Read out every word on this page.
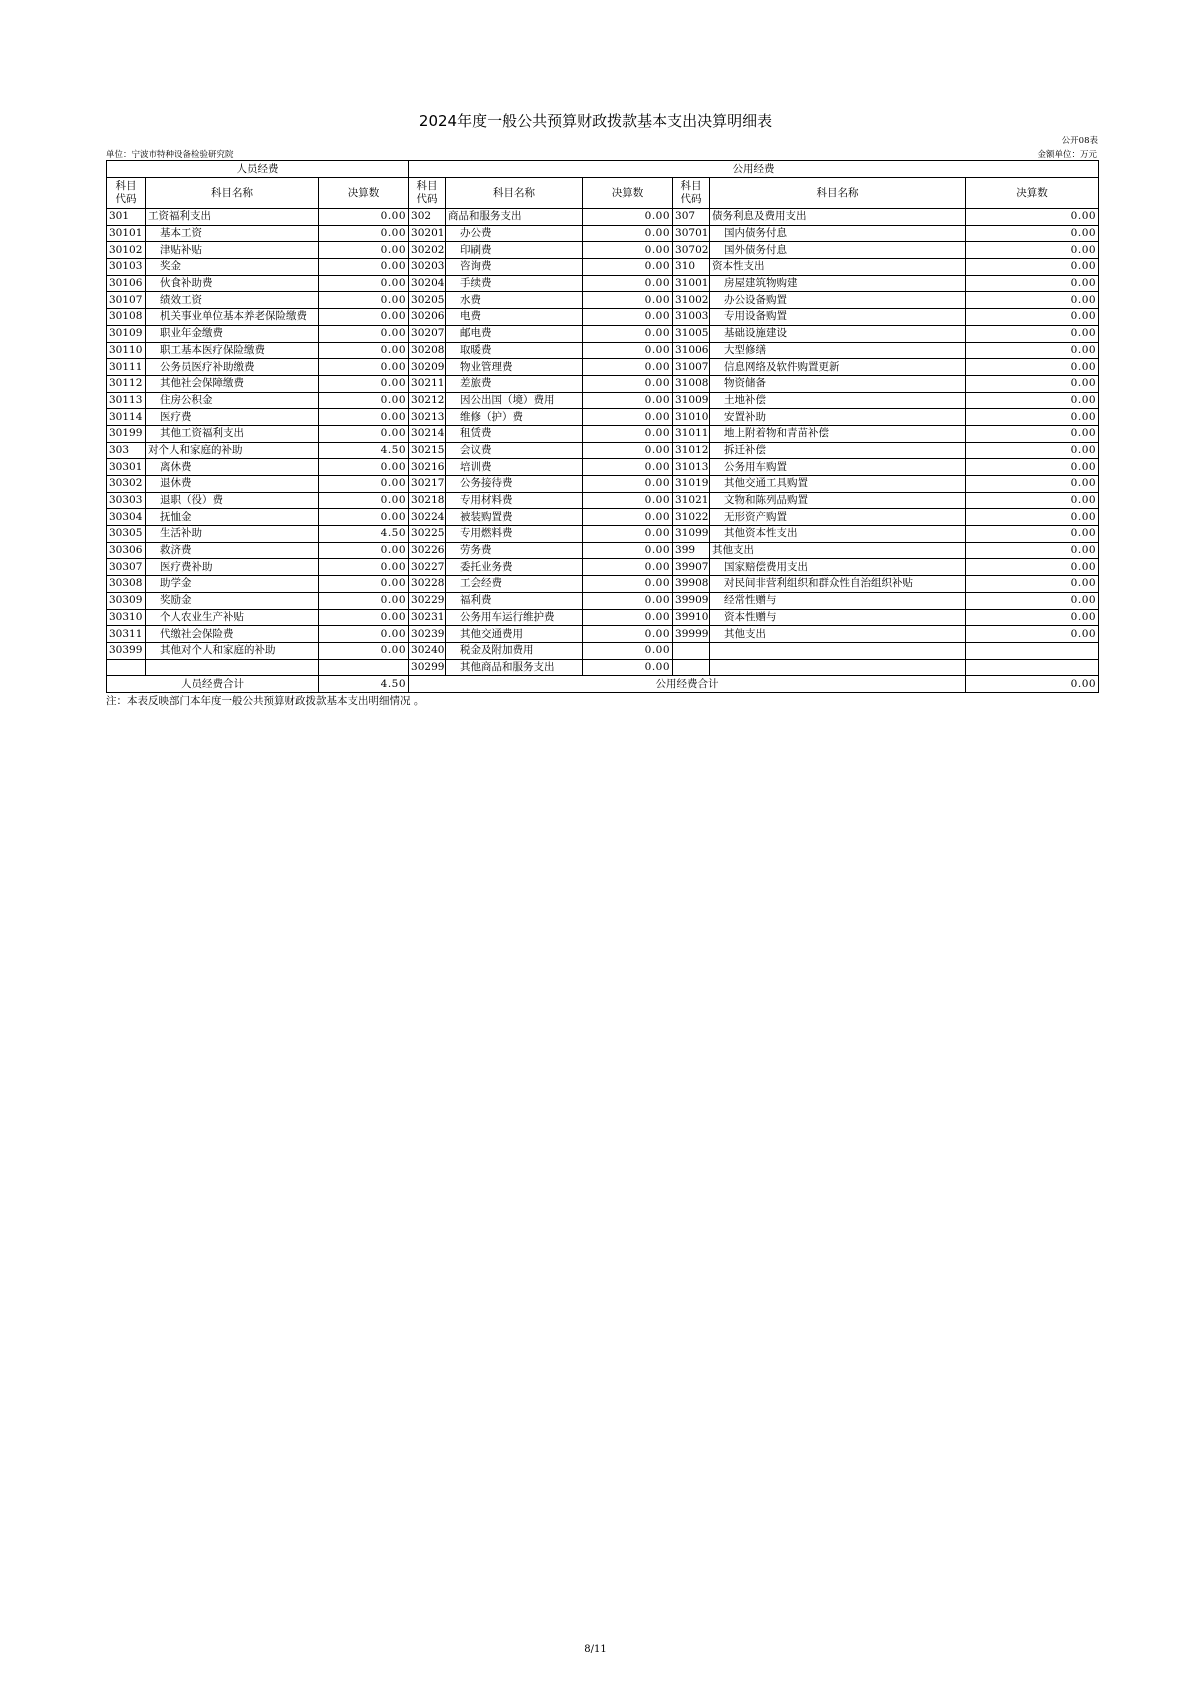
2024年度一般公共预算财政拨款基本支出决算明细表
公开08表
单位：宁波市特种设备检验研究院	金额单位：万元
人员经费			公用经费					
科目代码	科目名称	决算数	科目代码	科目名称	决算数	科目代码	科目名称	决算数
301	工资福利支出	0.00	302	商品和服务支出	0.00	307	债务利息及费用支出	0.00
30101	基本工资	0.00	30201	办公费	0.00	30701	国内债务付息	0.00
30102	津贴补贴	0.00	30202	印刷费	0.00	30702	国外债务付息	0.00
30103	奖金	0.00	30203	咨询费	0.00	310	资本性支出	0.00
30106	伙食补助费	0.00	30204	手续费	0.00	31001	房屋建筑物购建	0.00
30107	绩效工资	0.00	30205	水费	0.00	31002	办公设备购置	0.00
30108	机关事业单位基本养老保险缴费	0.00	30206	电费	0.00	31003	专用设备购置	0.00
30109	职业年金缴费	0.00	30207	邮电费	0.00	31005	基础设施建设	0.00
30110	职工基本医疗保险缴费	0.00	30208	取暖费	0.00	31006	大型修缮	0.00
30111	公务员医疗补助缴费	0.00	30209	物业管理费	0.00	31007	信息网络及软件购置更新	0.00
30112	其他社会保障缴费	0.00	30211	差旅费	0.00	31008	物资储备	0.00
30113	住房公积金	0.00	30212	因公出国（境）费用	0.00	31009	土地补偿	0.00
30114	医疗费	0.00	30213	维修（护）费	0.00	31010	安置补助	0.00
30199	其他工资福利支出	0.00	30214	租赁费	0.00	31011	地上附着物和青苗补偿	0.00
303	对个人和家庭的补助	4.50	30215	会议费	0.00	31012	拆迁补偿	0.00
30301	离休费	0.00	30216	培训费	0.00	31013	公务用车购置	0.00
30302	退休费	0.00	30217	公务接待费	0.00	31019	其他交通工具购置	0.00
30303	退职（役）费	0.00	30218	专用材料费	0.00	31021	文物和陈列品购置	0.00
30304	抚恤金	0.00	30224	被装购置费	0.00	31022	无形资产购置	0.00
30305	生活补助	4.50	30225	专用燃料费	0.00	31099	其他资本性支出	0.00
30306	救济费	0.00	30226	劳务费	0.00	399	其他支出	0.00
30307	医疗费补助	0.00	30227	委托业务费	0.00	39907	国家赔偿费用支出	0.00
30308	助学金	0.00	30228	工会经费	0.00	39908	对民间非营利组织和群众性自治组织补贴	0.00
30309	奖励金	0.00	30229	福利费	0.00	39909	经常性赠与	0.00
30310	个人农业生产补贴	0.00	30231	公务用车运行维护费	0.00	39910	资本性赠与	0.00
30311	代缴社会保险费	0.00	30239	其他交通费用	0.00	39999	其他支出	0.00
30399	其他对个人和家庭的补助	0.00	30240	税金及附加费用	0.00			
			30299	其他商品和服务支出	0.00			
人员经费合计		4.50	公用经费合计					0.00
注：本表反映部门本年度一般公共预算财政拨款基本支出明细情况 。
8/11
